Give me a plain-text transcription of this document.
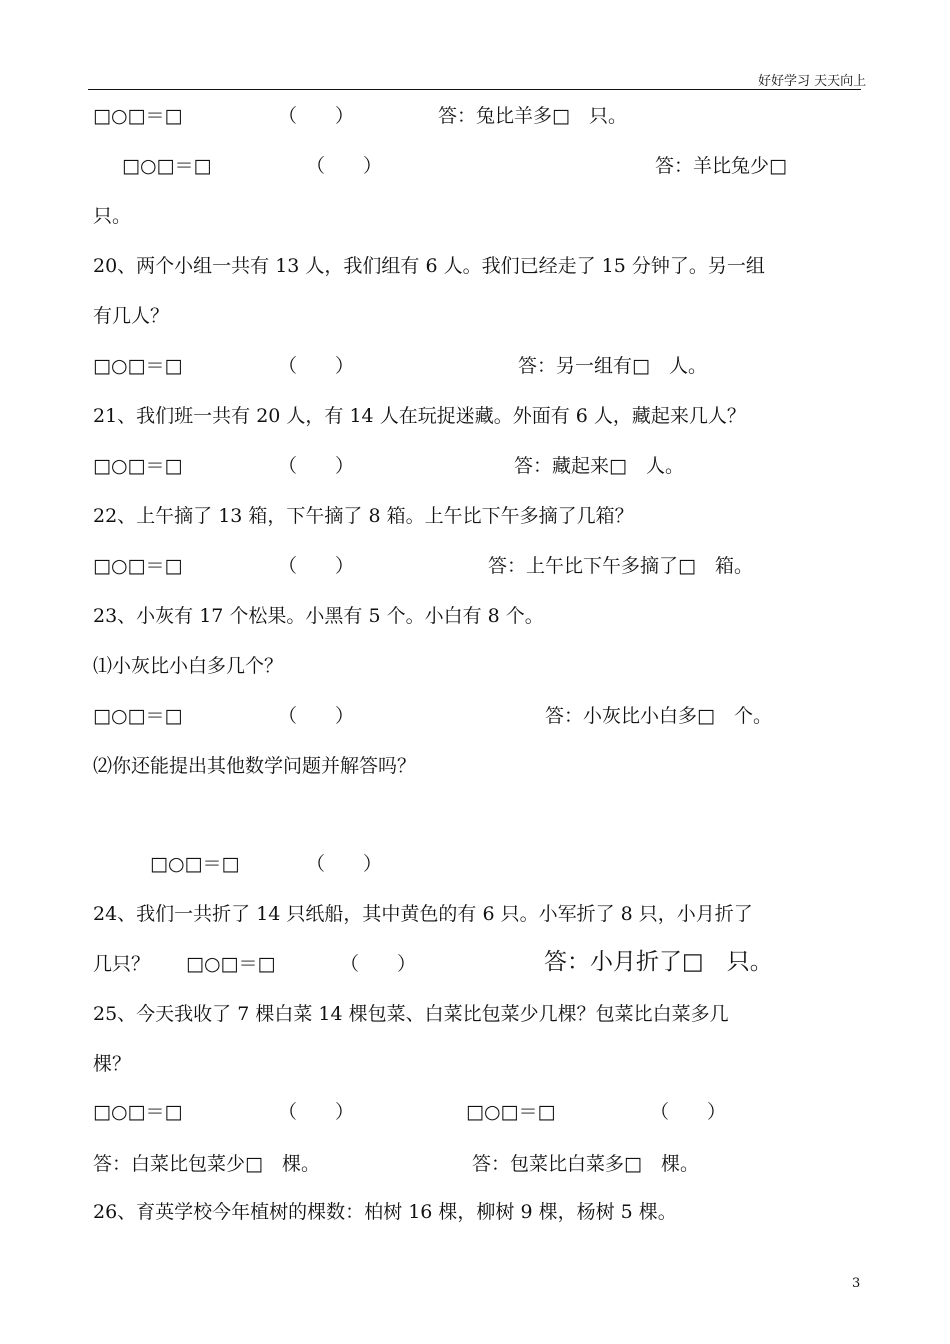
好好学习 天天向上
□○□＝□	（　　）	答：兔比羊多□　只。
□○□＝□	（　　）	答：羊比兔少□
只。
20、两个小组一共有 13 人，我们组有 6 人。我们已经走了 15 分钟了。另一组
有几人？
□○□＝□	（　　）	答：另一组有□　人。
21、我们班一共有 20 人，有 14 人在玩捉迷藏。外面有 6 人，藏起来几人？
□○□＝□	（　　）	答：藏起来□　人。
22、上午摘了 13 箱，下午摘了 8 箱。上午比下午多摘了几箱？
□○□＝□	（　　）	答：上午比下午多摘了□　箱。
23、小灰有 17 个松果。小黑有 5 个。小白有 8 个。
⑴小灰比小白多几个？
□○□＝□	（　　）	答：小灰比小白多□　个。
⑵你还能提出其他数学问题并解答吗？
□○□＝□	（　　）
24、我们一共折了 14 只纸船，其中黄色的有 6 只。小军折了 8 只，小月折了
几只？ □○□＝□	（　　）	答：小月折了□　只。
25、今天我收了 7 棵白菜 14 棵包菜、白菜比包菜少几棵？包菜比白菜多几
棵？
□○□＝□	（　　）	□○□＝□	（　　）
答：白菜比包菜少□　棵。	答：包菜比白菜多□　棵。
26、育英学校今年植树的棵数：柏树 16 棵，柳树 9 棵，杨树 5 棵。
3
